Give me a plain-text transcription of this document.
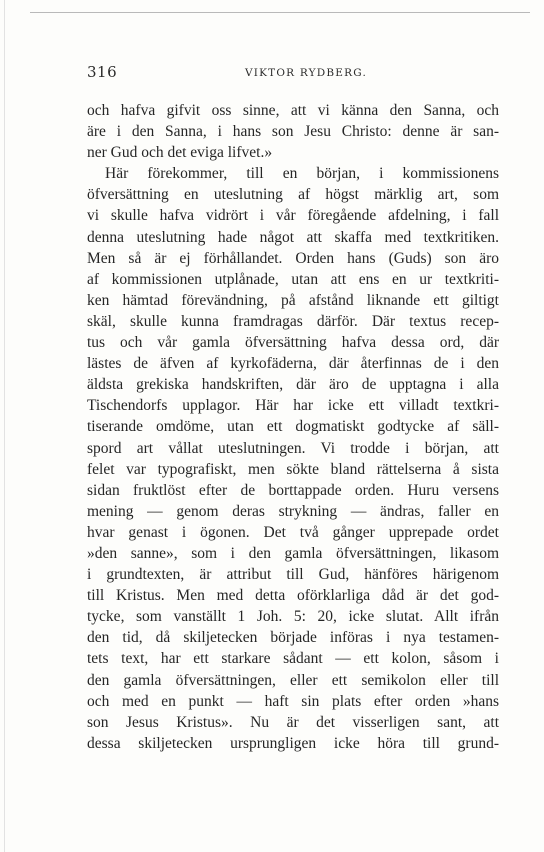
316	VIKTOR RYDBERG.
och hafva gifvit oss sinne, att vi känna den Sanna, och
äre i den Sanna, i hans son Jesu Christo: denne är san-
ner Gud och det eviga lifvet.»
Här förekommer, till en början, i kommissionens
öfversättning en uteslutning af högst märklig art, som
vi skulle hafva vidrört i vår föregående afdelning, i fall
denna uteslutning hade något att skaffa med textkritiken.
Men så är ej förhållandet. Orden hans (Guds) son äro
af kommissionen utplånade, utan att ens en ur textkriti-
ken hämtad förevändning, på afstånd liknande ett giltigt
skäl, skulle kunna framdragas därför. Där textus recep-
tus och vår gamla öfversättning hafva dessa ord, där
lästes de äfven af kyrkofäderna, där återfinnas de i den
äldsta grekiska handskriften, där äro de upptagna i alla
Tischendorfs upplagor. Här har icke ett villadt textkri-
tiserande omdöme, utan ett dogmatiskt godtycke af säll-
spord art vållat uteslutningen. Vi trodde i början, att
felet var typografiskt, men sökte bland rättelserna å sista
sidan fruktlöst efter de borttappade orden. Huru versens
mening — genom deras strykning — ändras, faller en
hvar genast i ögonen. Det två gånger upprepade ordet
»den sanne», som i den gamla öfversättningen, likasom
i grundtexten, är attribut till Gud, hänföres härigenom
till Kristus. Men med detta oförklarliga dåd är det god-
tycke, som vanställt 1 Joh. 5: 20, icke slutat. Allt ifrån
den tid, då skiljetecken började införas i nya testamen-
tets text, har ett starkare sådant — ett kolon, såsom i
den gamla öfversättningen, eller ett semikolon eller till
och med en punkt — haft sin plats efter orden »hans
son Jesus Kristus». Nu är det visserligen sant, att
dessa skiljetecken ursprungligen icke höra till grund-
